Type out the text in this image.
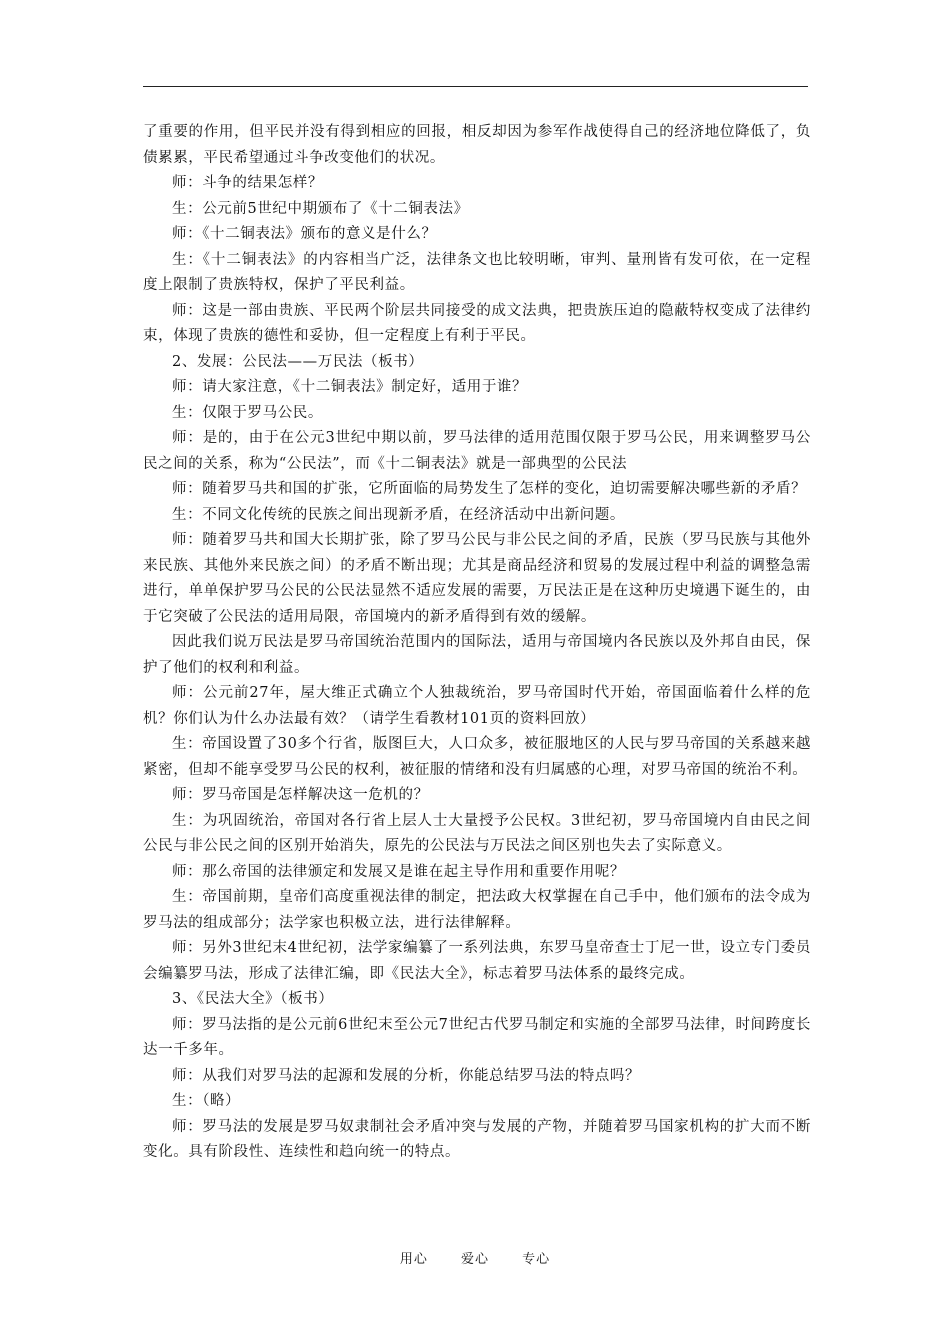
了重要的作用，但平民并没有得到相应的回报，相反却因为参军作战使得自己的经济地位降低了，负债累累，平民希望通过斗争改变他们的状况。

师：斗争的结果怎样？

生：公元前5世纪中期颁布了《十二铜表法》

师：《十二铜表法》颁布的意义是什么？

生：《十二铜表法》的内容相当广泛，法律条文也比较明晰，审判、量刑皆有发可依，在一定程度上限制了贵族特权，保护了平民利益。

师：这是一部由贵族、平民两个阶层共同接受的成文法典，把贵族压迫的隐蔽特权变成了法律约束，体现了贵族的德性和妥协，但一定程度上有利于平民。

2、发展：公民法——万民法（板书）

师：请大家注意，《十二铜表法》制定好，适用于谁？

生：仅限于罗马公民。

师：是的，由于在公元3世纪中期以前，罗马法律的适用范围仅限于罗马公民，用来调整罗马公民之间的关系，称为“公民法”，而《十二铜表法》就是一部典型的公民法

师：随着罗马共和国的扩张，它所面临的局势发生了怎样的变化，迫切需要解决哪些新的矛盾？

生：不同文化传统的民族之间出现新矛盾，在经济活动中出新问题。

师：随着罗马共和国大长期扩张，除了罗马公民与非公民之间的矛盾，民族（罗马民族与其他外来民族、其他外来民族之间）的矛盾不断出现；尤其是商品经济和贸易的发展过程中利益的调整急需进行，单单保护罗马公民的公民法显然不适应发展的需要，万民法正是在这种历史境遇下诞生的，由于它突破了公民法的适用局限，帝国境内的新矛盾得到有效的缓解。

因此我们说万民法是罗马帝国统治范围内的国际法，适用与帝国境内各民族以及外邦自由民，保护了他们的权利和利益。

师：公元前27年，屋大维正式确立个人独裁统治，罗马帝国时代开始，帝国面临着什么样的危机？你们认为什么办法最有效？（请学生看教材101页的资料回放）

生：帝国设置了30多个行省，版图巨大，人口众多，被征服地区的人民与罗马帝国的关系越来越紧密，但却不能享受罗马公民的权利，被征服的情绪和没有归属感的心理，对罗马帝国的统治不利。

师：罗马帝国是怎样解决这一危机的？

生：为巩固统治，帝国对各行省上层人士大量授予公民权。3世纪初，罗马帝国境内自由民之间公民与非公民之间的区别开始消失，原先的公民法与万民法之间区别也失去了实际意义。

师：那么帝国的法律颁定和发展又是谁在起主导作用和重要作用呢？

生：帝国前期，皇帝们高度重视法律的制定，把法政大权掌握在自己手中，他们颁布的法令成为罗马法的组成部分；法学家也积极立法，进行法律解释。

师：另外3世纪末4世纪初，法学家编纂了一系列法典，东罗马皇帝查士丁尼一世，设立专门委员会编纂罗马法，形成了法律汇编，即《民法大全》，标志着罗马法体系的最终完成。

3、《民法大全》（板书）

师：罗马法指的是公元前6世纪末至公元7世纪古代罗马制定和实施的全部罗马法律，时间跨度长达一千多年。

师：从我们对罗马法的起源和发展的分析，你能总结罗马法的特点吗？

生：（略）

师：罗马法的发展是罗马奴隶制社会矛盾冲突与发展的产物，并随着罗马国家机构的扩大而不断变化。具有阶段性、连续性和趋向统一的特点。

用心	爱心	专心
